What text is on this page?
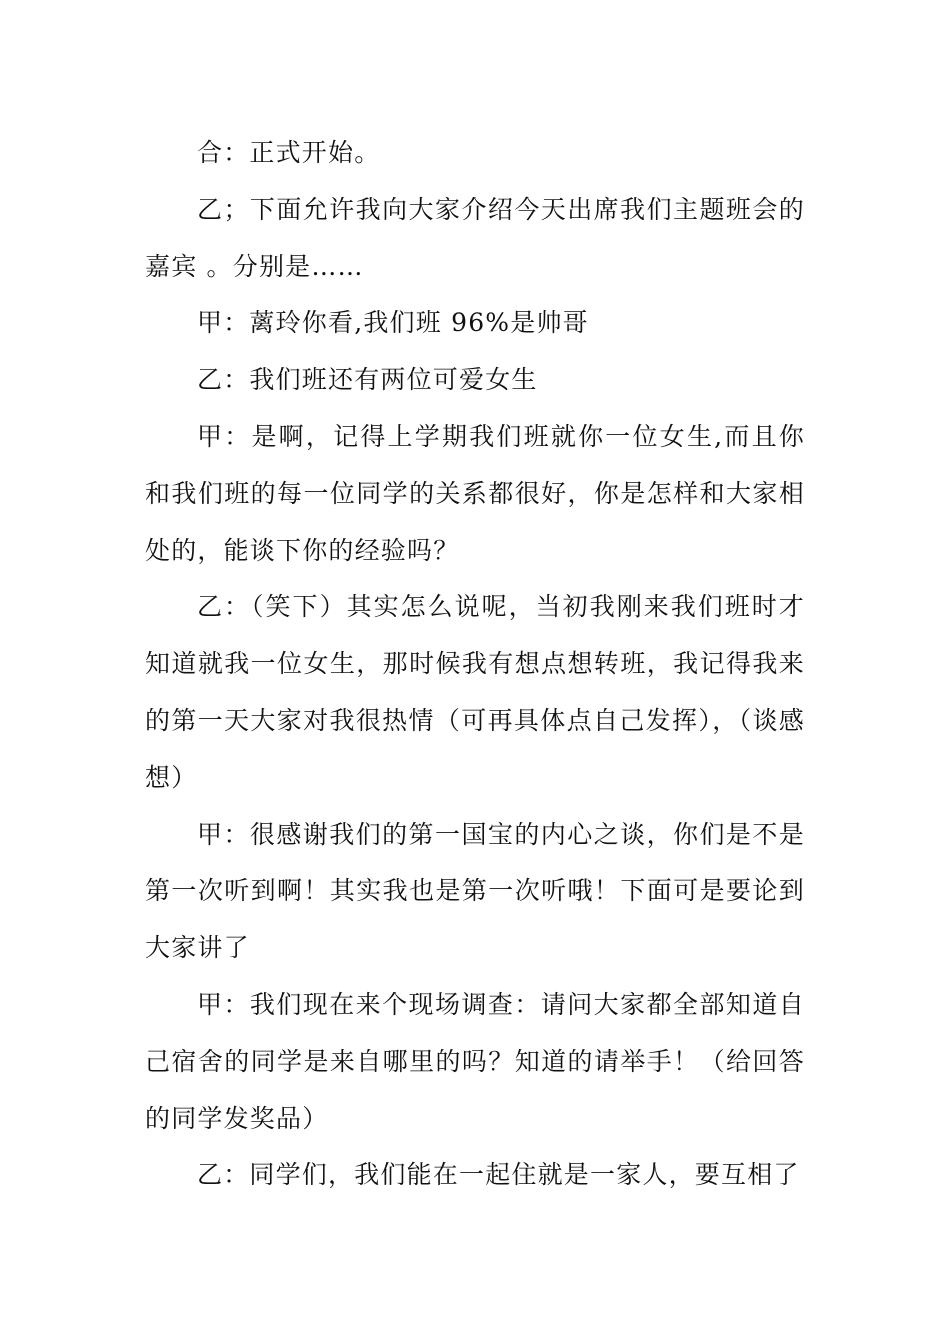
合：正式开始。

乙；下面允许我向大家介绍今天出席我们主题班会的嘉宾 。分别是……

甲：蓠玲你看,我们班 96%是帅哥

乙：我们班还有两位可爱女生

甲：是啊，记得上学期我们班就你一位女生,而且你和我们班的每一位同学的关系都很好，你是怎样和大家相处的，能谈下你的经验吗？

乙：（笑下）其实怎么说呢，当初我刚来我们班时才知道就我一位女生，那时候我有想点想转班，我记得我来的第一天大家对我很热情（可再具体点自己发挥），（谈感想）

甲：很感谢我们的第一国宝的内心之谈，你们是不是第一次听到啊！其实我也是第一次听哦！下面可是要论到大家讲了

甲：我们现在来个现场调查：请问大家都全部知道自己宿舍的同学是来自哪里的吗？知道的请举手！（给回答的同学发奖品）

乙：同学们，我们能在一起住就是一家人，要互相了
